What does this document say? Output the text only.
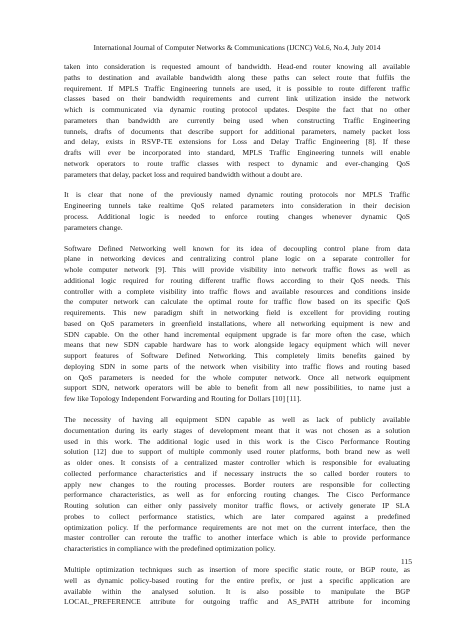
International Journal of Computer Networks & Communications (IJCNC) Vol.6, No.4, July 2014
taken into consideration is requested amount of bandwidth. Head-end router knowing all available
paths to destination and available bandwidth along these paths can select route that fulfils the
requirement. If MPLS Traffic Engineering tunnels are used, it is possible to route different traffic
classes based on their bandwidth requirements and current link utilization inside the network
which is communicated via dynamic routing protocol updates. Despite the fact that no other
parameters than bandwidth are currently being used when constructing Traffic Engineering
tunnels, drafts of documents that describe support for additional parameters, namely packet loss
and delay, exists in RSVP-TE extensions for Loss and Delay Traffic Engineering [8]. If these
drafts will ever be incorporated into standard, MPLS Traffic Engineering tunnels will enable
network operators to route traffic classes with respect to dynamic and ever-changing QoS
parameters that delay, packet loss and required bandwidth without a doubt are.
It is clear that none of the previously named dynamic routing protocols nor MPLS Traffic
Engineering tunnels take realtime QoS related parameters into consideration in their decision
process. Additional logic is needed to enforce routing changes whenever dynamic QoS
parameters change.
Software Defined Networking well known for its idea of decoupling control plane from data
plane in networking devices and centralizing control plane logic on a separate controller for
whole computer network [9]. This will provide visibility into network traffic flows as well as
additional logic required for routing different traffic flows according to their QoS needs. This
controller with a complete visibility into traffic flows and available resources and conditions inside
the computer network can calculate the optimal route for traffic flow based on its specific QoS
requirements. This new paradigm shift in networking field is excellent for providing routing
based on QoS parameters in greenfield installations, where all networking equipment is new and
SDN capable. On the other hand incremental equipment upgrade is far more often the case, which
means that new SDN capable hardware has to work alongside legacy equipment which will never
support features of Software Defined Networking. This completely limits benefits gained by
deploying SDN in some parts of the network when visibility into traffic flows and routing based
on QoS parameters is needed for the whole computer network. Once all network equipment
support SDN, network operators will be able to benefit from all new possibilities, to name just a
few like Topology Independent Forwarding and Routing for Dollars [10] [11].
The necessity of having all equipment SDN capable as well as lack of publicly available
documentation during its early stages of development meant that it was not chosen as a solution
used in this work. The additional logic used in this work is the Cisco Performance Routing
solution [12] due to support of multiple commonly used router platforms, both brand new as well
as older ones. It consists of a centralized master controller which is responsible for evaluating
collected performance characteristics and if necessary instructs the so called border routers to
apply new changes to the routing processes. Border routers are responsible for collecting
performance characteristics, as well as for enforcing routing changes. The Cisco Performance
Routing solution can either only passively monitor traffic flows, or actively generate IP SLA
probes to collect performance statistics, which are later compared against a predefined
optimization policy. If the performance requirements are not met on the current interface, then the
master controller can reroute the traffic to another interface which is able to provide performance
characteristics in compliance with the predefined optimization policy.
Multiple optimization techniques such as insertion of more specific static route, or BGP route, as
well as dynamic policy-based routing for the entire prefix, or just a specific application are
available within the analysed solution. It is also possible to manipulate the BGP
LOCAL_PREFERENCE attribute for outgoing traffic and AS_PATH attribute for incoming
115
